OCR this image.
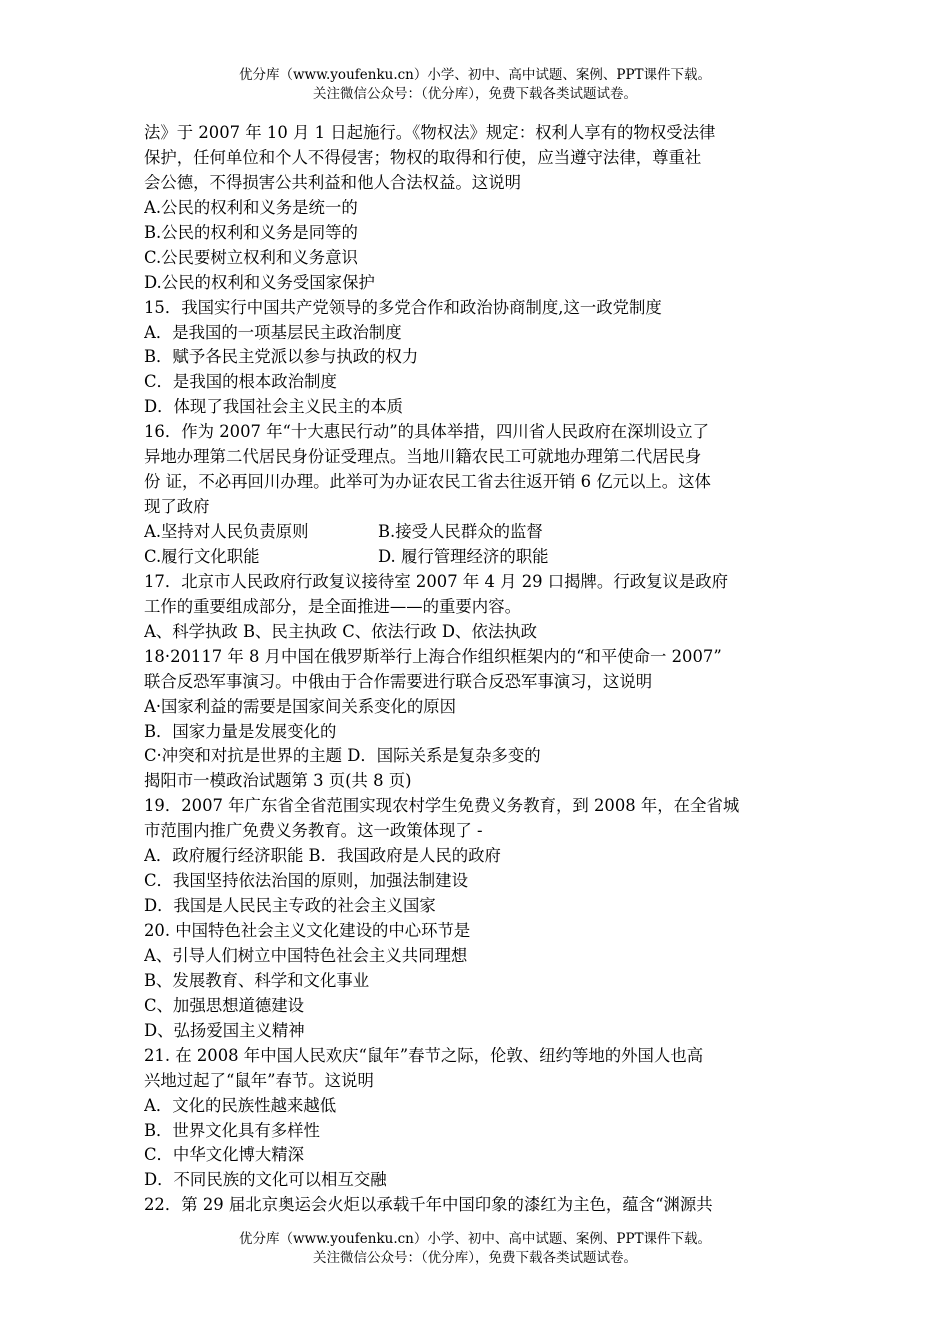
优分库（www.youfenku.cn）小学、初中、高中试题、案例、PPT课件下载。
关注微信公众号：（优分库），免费下载各类试题试卷。
法》于 2007 年 10 月 1 日起施行。《物权法》规定：权利人享有的物权受法律
保护，任何单位和个人不得侵害；物权的取得和行使，应当遵守法律，尊重社
会公德，不得损害公共利益和他人合法权益。这说明
A.公民的权利和义务是统一的
B.公民的权利和义务是同等的
C.公民要树立权利和义务意识
D.公民的权利和义务受国家保护
15．我国实行中国共产党领导的多党合作和政治协商制度,这一政党制度
A．是我国的一项基层民主政治制度
B．赋予各民主党派以参与执政的权力
C．是我国的根本政治制度
D．体现了我国社会主义民主的本质
16．作为 2007 年“十大惠民行动”的具体举措，四川省人民政府在深圳设立了
异地办理第二代居民身份证受理点。当地川籍农民工可就地办理第二代居民身
份 证，不必再回川办理。此举可为办证农民工省去往返开销 6 亿元以上。这体
现了政府
A.坚持对人民负责原则	B.接受人民群众的监督
C.履行文化职能	D. 履行管理经济的职能
17．北京市人民政府行政复议接待室 2007 年 4 月 29 口揭牌。行政复议是政府
工作的重要组成部分，是全面推进——的重要内容。
A、科学执政 B、民主执政 C、依法行政 D、依法执政
18·20117 年 8 月中国在俄罗斯举行上海合作组织框架内的“和平使命一 2007”
联合反恐军事演习。中俄由于合作需要进行联合反恐军事演习，这说明
A·国家利益的需要是国家间关系变化的原因
B．国家力量是发展变化的
C·冲突和对抗是世界的主题 D．国际关系是复杂多变的
揭阳市一模政治试题第 3 页(共 8 页)
19．2007 年广东省全省范围实现农村学生免费义务教育，到 2008 年，在全省城
市范围内推广免费义务教育。这一政策体现了 -
A．政府履行经济职能 B．我国政府是人民的政府
C．我国坚持依法治国的原则，加强法制建设
D．我国是人民民主专政的社会主义国家
20. 中国特色社会主义文化建设的中心环节是
A、引导人们树立中国特色社会主义共同理想
B、发展教育、科学和文化事业
C、加强思想道德建设
D、弘扬爱国主义精神
21. 在 2008 年中国人民欢庆“鼠年”春节之际，伦敦、纽约等地的外国人也高
兴地过起了“鼠年”春节。这说明
A．文化的民族性越来越低
B．世界文化具有多样性
C．中华文化博大精深
D．不同民族的文化可以相互交融
22．第 29 届北京奥运会火炬以承载千年中国印象的漆红为主色，蕴含“渊源共
优分库（www.youfenku.cn）小学、初中、高中试题、案例、PPT课件下载。
关注微信公众号：（优分库），免费下载各类试题试卷。
